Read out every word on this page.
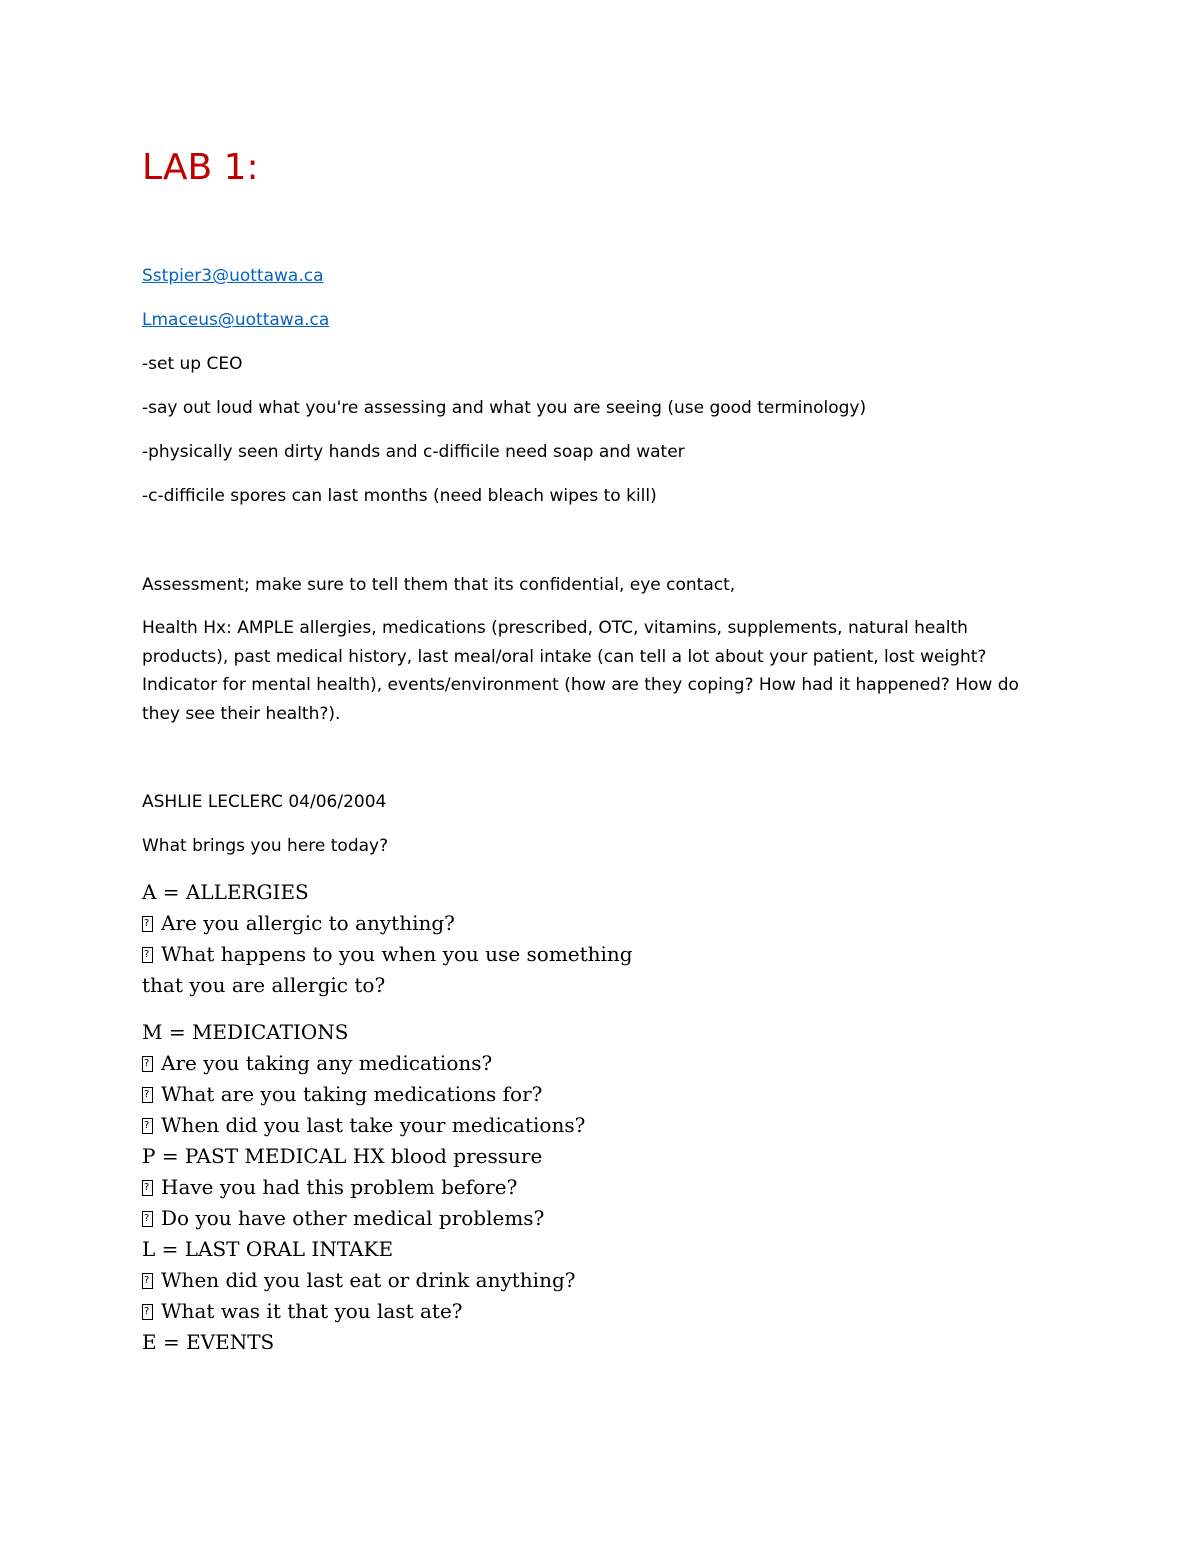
LAB 1:
Sstpier3@uottawa.ca
Lmaceus@uottawa.ca
-set up CEO
-say out loud what you're assessing and what you are seeing (use good terminology)
-physically seen dirty hands and c-difficile need soap and water
-c-difficile spores can last months (need bleach wipes to kill)
Assessment; make sure to tell them that its confidential, eye contact,

Health Hx: AMPLE allergies, medications (prescribed, OTC, vitamins, supplements, natural health

products), past medical history, last meal/oral intake (can tell a lot about your patient, lost weight?

Indicator for mental health), events/environment (how are they coping? How had it happened? How do

they see their health?).

ASHLIE LECLERC 04/06/2004
What brings you here today?
A = ALLERGIES
?Are you allergic to anything?
?What happens to you when you use something
that you are allergic to?
M = MEDICATIONS
?Are you taking any medications?
?What are you taking medications for?
?When did you last take your medications?
P = PAST MEDICAL HX blood pressure
?Have you had this problem before?
?Do you have other medical problems?
L = LAST ORAL INTAKE
?When did you last eat or drink anything?
?What was it that you last ate?
E = EVENTS
